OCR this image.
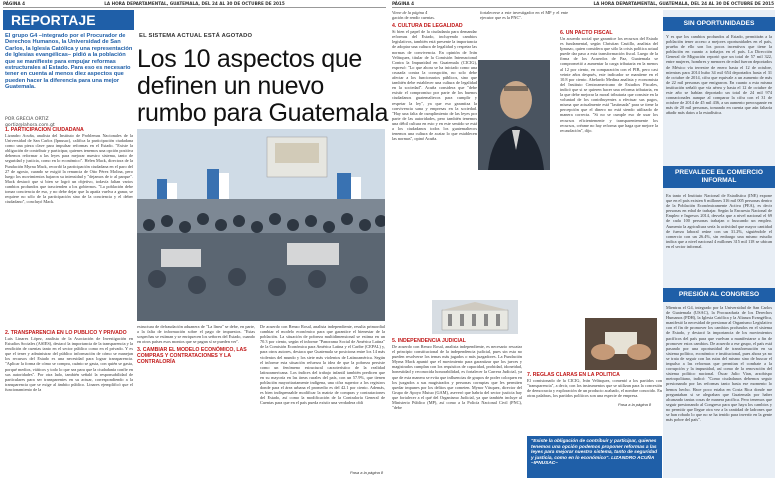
PÁGINA 4	LA HORA DEPARTAMENTAL, GUATEMALA, DEL 24 AL 30 DE OCTUBRE DE 2015	PÁGINA 4	LA HORA DEPARTAMENTAL, GUATEMALA, DEL 24 AL 30 DE OCTUBRE DE 2015
REPORTAJE
El grupo G4 –integrado por el Procurador de Derechos Humanos, la Universidad de San Carlos, la Iglesia Católica y una representación de Iglesias evangélicas– pidió a la población que se manifieste para empujar reformas estructurales al Estado. Para eso es necesario tener en cuenta al menos diez aspectos que pueden hacer la diferencia para una mejor Guatemala.
POR GRECIA ORTIZ
gortiz@lahora.com.gt
1. PARTICIPACIÓN CIUDADANA
Lizandro Acuña, analista del Instituto de Problemas Nacionales de la Universidad de San Carlos (Ipnusac), califica la participación ciudadana como una pieza clave para impulsar reformas en el Estado. "Existe la obligación de contribuir y participar, quienes tenemos una opción positiva debemos reformar a las leyes para mejorar nuestro sistema, tanto de seguridad y justicia, como en lo económico". Helen Mack, directora de la Fundación Myrna Mack, recordó la participación ciudadana en el paro del 27 de agosto, cuando se exigió la renuncia de Otto Pérez Molina, pero luego los movimientos bajaron su intensidad y "dejamos de ir al parque". Mack destacó que si bien se logró un objetivo, todavía faltan varios cambios profundos que trascienden a los gobiernos. "La población debe tomar conciencia de eso, y no debe dejar que la apatía vuelva a ganar, se requiere no sólo de la participación sino de la conciencia y el deber ciudadano", concluyó Mack.
2. TRANSPARENCIA EN LO PÚBLICO Y PRIVADO
Luis Linares López, analista de la Asociación de Investigación en Estudios Sociales (ASIES), destacó la importancia de la transparencia y la rendición de cuentas tanto en el sector público como en el privado. Y es que el tener y administrar del público información de cómo se manejan los recursos del Estado es una necesidad para lograr transparencia. "Aplicar la forma de cómo se compra, cuánto se gasta, con quién se gasta, porqué medios, viáticos y todo lo que sea para que la ciudadanía confíe en sus autoridades". Por otra lado, también señaló la responsabilidad de particulares para ser transparentes en su actuar, correspondiendo a la transparencia que se exige al ámbito público. Linares ejemplificó que el funcionamiento de la
EL SISTEMA ACTUAL ESTÁ AGOTADO
Los 10 aspectos que definen un nuevo rumbo para Guatemala
estructura de defraudación aduanera de "La línea" se debe, en parte, a la falta de información sobre el pago de impuestos. "Estas sospechas se estiman y se enriquecen los señores del Estado, cuando en otros países esos montos que se pagan sí se pueden ver".
3. CAMBIAR EL MODELO ECONÓMICO, LAS COMPRAS Y CONTRATACIONES Y LA CONTRALORÍA
De acuerdo con Renzo Rosal, analista independiente, resulta primordial cambiar el modelo económico para que garantice el bienestar de la población. La situación de pobreza multidimensional se estima en un 70.3 por ciento, según el informe "Panorama Social de América Latina" de la Comisión Económica para América Latina y el Caribe (CEPAL) y, para otros autores, destaca que Guatemala se posiciona entre los 14 más violentos del mundo y los siete más violentos de Latinoamérica. Según el informe esta situación refuerza la idea de que la pobreza persiste como un fenómeno estructural característico de la realidad latinoamericana. Los índices del trabajo infantil también predicen que en su mayoría en las áreas rurales del país, con un 57.9%, que tienen población mayoritariamente indígena, una cifra superior a los registros donde para el área urbana el promedio es del 42.1 por ciento. Además, es bien indispensable modificar la matriz de compras y contrataciones del Estado, así como la modificación de la Contraloría General de Cuentas para que en el país pueda existir una verdadera obli
Viene de la página 4
gación de rendir cuentas.
4. CULTURA DE LEGALIDAD
Si bien el papel de la ciudadanía para demandar reformas del Estado, incluyendo cambios legislativos, también está presente la importancia de adoptar una cultura de legalidad y respetar las normas de convivencia. En opinión de Iván Velásquez, titular de la Comisión Internacional Contra la Impunidad en Guatemala (CICIG), expresó: "Lo que ahora se ha iniciado como una cruzada contra la corrupción, no solo debe afectar a los funcionarios públicos, sino que también debe establecer una cultura de legalidad en la sociedad". Acuña considera que "debe existir el compromiso por parte de los buenos ciudadanos guatemaltecos para cumplir y respetar la ley", ya que eso garantiza la convivencia sana y empresas en la sociedad. "Hay una falta de cumplimiento de las leyes por parte de las autoridades, pero también tenemos una débil cultura en esto y en este sentido se está a los ciudadanos todos los guatemaltecos tenemos una cultura de acatar lo que establecen las normas", opinó Acuña.
fortalecerse a este investigador en el MP y el ente ejecutor que es la PNC".
6. UN PACTO FISCAL
Un acuerdo social que garantice los recursos del Estado es fundamental, según Christian Castillo, analista del Ipnusac, quien considera que sólo la crisis política actual puede dar paso a esta transformación fiscal. Luego de la firma de los Acuerdos de Paz, Guatemala se comprometió a aumentar la carga tributaria en la menos al 12 por ciento, en comparación con el PIB, pero casi veinte años después, este indicador se mantiene en el 10.8 por ciento. Abelardo Medina analista y economista del Instituto Centroamericano de Estudios Fiscales, indicó que si se quieren hacer una reforma tributaria, en la que debe mejorar la moral tributaria que consiste en la voluntad de los contribuyentes a efectuar sus pagos, misma que actualmente está "lastimada" para se tiene la percepción que el dinero no está siendo utilizado de manera correcta. "Si no se cumple eso de usar los recursos eficientemente y transparentemente los recursos, créame no hay reforma que haga que mejore la recaudación", dijo.
5. INDEPENDENCIA JUDICIAL
De acuerdo con Renzo Rosal, analista independiente, es necesario rescatar el principio constitucional de la independencia judicial, pues sin esta no pueden resolverse los temas más jugados o más juzgadores. La Fundación Myrna Mack apuntó que el movimiento para garantizar que los jueces y magistrados cumplan con los requisitos de capacidad, probidad, idoneidad, honestidad y reconocida honorabilidad, es fortalecer la Carrera Judicial, ya que de esta manera se evita que influencias de grupos de poder coloquen en los juzgados a sus magistrados y personas corruptas que les permiten quedar impunes por los delitos que cometen. Mynor Vásquez, director del Grupo de Apoyo Mutuo (GAM), aseveró que habría del sector justicia hay que fortalecer a el qué del Organismo Judicial, ya que también incluye al Ministerio Público (MP), así como a la Policía Nacional Civil (PNC), "debe
7. REGLAS CLARAS EN LA POLÍTICA
El comisionado de la CICIG, Iván Velásquez, comentó a los partidos con "transparencia", a decir, con los instrumentos que se utilizan para la concesión de democracia y exploración de un producto acabado, el nombre conocido. En otras palabras, los partidos políticos son una especie de empresa.
"Existe la obligación de contribuir y participar, quienes tenemos una opción podemos proponer reformas a las leyes para mejorar nuestro sistema, tanto de seguridad y justicia, como en lo económico". LIZANDRO ACUÑA –IPNUSAC–
SIN OPORTUNIDADES
Y es que los cambios profundos al Estado, permitirán a la población tener acceso a mejores oportunidades en el país, prueba de ello son los pocos incentivos que tiene la población en cuanto a trabajos en el país. La Dirección General de Migración reportó que un total de 57 mil 322, entre mujeres, hombres y menores de edad fueron deportados de México vía terrestre de enero hasta el 12 de octubre, mientras para 2014 hubo 34 mil 654 deportados hasta el 31 de octubre de 2014, cifra que equivale a un aumento de más de 22 mil personas que emigraron. En cuanto a esta misma institución señaló que vía aérea y hasta el 12 de octubre de este año se habían deportado un total de 24 mil 974 connacionales aunque al comparar la cifra con el 31 de octubre de 2014 de 45 mil 436, a un aumento preocupante en más de 20 mil personas, tomando en cuenta que aún faltaría añadir más datos a la estadística.
PREVALECE EL COMERCIO INFORMAL
En tanto el Instituto Nacional de Estadística (INE) expone que en el país existen 6 millones 316 mil 005 personas dentro de la Población Económicamente Activa (PEA), es decir personas en edad de trabajar. Según la Encuesta Nacional de Empleo e Ingresos 2014, desvela que a nivel nacional el 69 de cada 100 personas trabajan o buscando un empleo. Aumento la agricultura sería la actividad que mayor cantidad de fuerza laboral reúne con un 31.2%, siguiéndole el comercio con un 26.4%, sin embargo una mismo estudio indica que a nivel nacional 4 millones 315 mil 118 se ubican en el sector informal.
PRESIÓN AL CONGRESO
Mientras el G4, integrado por la Universidad de San Carlos de Guatemala (USAC), la Procuraduría de los Derechos Humanos (PDH), la Iglesia Católica y la Alianza Evangélica, manifestó la necesidad de presionar al Organismo Legislativo con el fin de promover los cambios profundos en el sistema de Estado, y destacó la importancia de los movimientos pacíficos del país para que vuelvan a manifestarse a fin de promover estos cambios. De acuerdo a ese grupo, el país está pasando por una oportunidad de transformación en su sistema político, económico e institucional, pues ahora ya no se trata de seguir con las rutas del mismo sino de buscar el impulso a las reformas que permitan el combate a la corrupción y la impunidad, así como de la renovación del sistema político nacional. Óscar Julio Vian, arzobispo metropolitano, indicó: "Como ciudadanos debemos seguir presionando por las reformas tanto hasta ese momento lo hemos hecho. Hace poco estaba en Costa Rica donde me preguntaban si se alegraban que Guatemala por haber alcanzado tantas cosas de manera pacífica. Pero tenemos que seguir presionando al Congreso para que haya los cambios y no permitir que llegue otra vez a la cantidad de ladrones que se han robado lo que no se ha tenido para invertir en la gente más pobre del país".
Pasa a la página 8
Pasa a la página 8
